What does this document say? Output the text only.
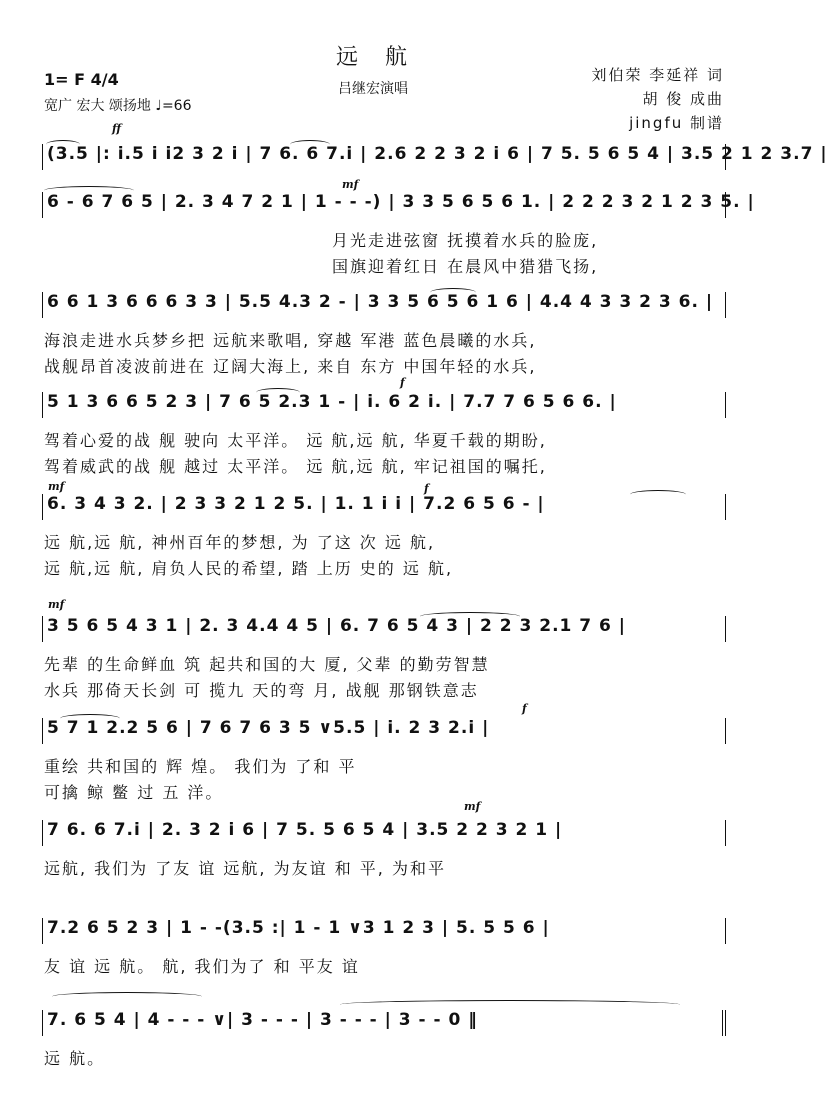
远 航
吕继宏演唱
1= F 4/4
宽广 宏大 颂扬地 ♩=66
刘伯荣 李延祥 词
胡 俊 成曲
jingfu 制谱
ff
mf
f
mf	f
mf
f
mf
(3.5 |: i.5 i i2 3 2 i | 7 6. 6 7.i | 2.6 2 2 3 2 i 6 | 7 5. 5 6 5 4 | 3.5 2 1 2 3.7 |
6 - 6 7 6 5 | 2. 3 4 7 2 1 | 1 - - -) | 3 3 5 6 5 6 1. | 2 2 2 3 2 1 2 3 5. |
月光走进弦窗 抚摸着水兵的脸庞,
国旗迎着红日 在晨风中猎猎飞扬,
6 6 1 3 6 6 6 3 3 | 5.5 4.3 2 - | 3 3 5 6 5 6 1 6 | 4.4 4 3 3 2 3 6. |
海浪走进水兵梦乡把 远航来歌唱, 穿越 军港 蓝色晨曦的水兵,
战舰昂首凌波前进在 辽阔大海上, 来自 东方 中国年轻的水兵,
5 1 3 6 6 5 2 3 | 7 6 5 2.3 1 - | i. 6 2 i. | 7.7 7 6 5 6 6. |
驾着心爱的战 舰 驶向 太平洋。 远 航,远 航, 华夏千载的期盼,
驾着威武的战 舰 越过 太平洋。 远 航,远 航, 牢记祖国的嘱托,
6. 3 4 3 2. | 2 3 3 2 1 2 5. | 1. 1 i i | 7.2 6 5 6 - |
远 航,远 航, 神州百年的梦想, 为 了这 次 远 航,
远 航,远 航, 肩负人民的希望, 踏 上历 史的 远 航,
3 5 6 5 4 3 1 | 2. 3 4.4 4 5 | 6. 7 6 5 4 3 | 2 2 3 2.1 7 6 |
先辈 的生命鲜血 筑 起共和国的大 厦, 父辈 的勤劳智慧
水兵 那倚天长剑 可 揽九 天的弯 月, 战舰 那钢铁意志
5 7 1 2.2 5 6 | 7 6 7 6 3 5 ∨5.5 | i. 2 3 2.i |
重绘 共和国的 辉 煌。 我们为 了和 平
可擒 鲸 鳖 过 五 洋。
7 6. 6 7.i | 2. 3 2 i 6 | 7 5. 5 6 5 4 | 3.5 2 2 3 2 1 |
远航, 我们为 了友 谊 远航, 为友谊 和 平, 为和平
7.2 6 5 2 3 | 1 - -(3.5 :| 1 - 1 ∨3 1 2 3 | 5. 5 5 6 |
友 谊 远 航。 航, 我们为了 和 平友 谊
7. 6 5 4 | 4 - - - ∨| 3 - - - | 3 - - - | 3 - - 0 ‖
远 航。
